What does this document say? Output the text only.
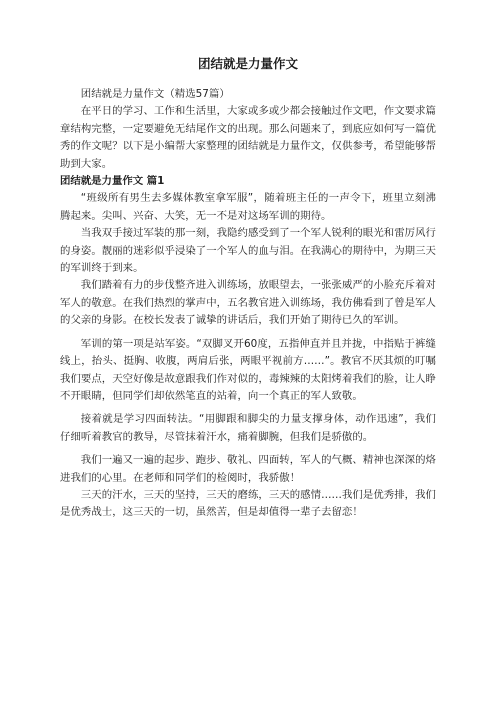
团结就是力量作文

团结就是力量作文（精选57篇）

在平日的学习、工作和生活里，大家或多或少都会接触过作文吧，作文要求篇章结构完整，一定要避免无结尾作文的出现。那么问题来了，到底应如何写一篇优秀的作文呢？以下是小编帮大家整理的团结就是力量作文，仅供参考，希望能够帮助到大家。

团结就是力量作文 篇1

“班级所有男生去多媒体教室拿军服”，随着班主任的一声令下，班里立刻沸腾起来。尖叫、兴奋、大笑，无一不是对这场军训的期待。

当我双手接过军装的那一刻，我隐约感受到了一个军人锐利的眼光和雷厉风行的身姿。靓丽的迷彩似乎浸染了一个军人的血与泪。在我满心的期待中，为期三天的军训终于到来。

我们踏着有力的步伐整齐进入训练场，放眼望去，一张张威严的小脸充斥着对军人的敬意。在我们热烈的掌声中，五名教官进入训练场，我仿佛看到了曾是军人的父亲的身影。在校长发表了诚挚的讲话后，我们开始了期待已久的军训。

军训的第一项是站军姿。“双脚叉开60度，五指伸直并且并拢，中指贴于裤缝线上，抬头、挺胸、收腹，两肩后张，两眼平视前方……”。教官不厌其烦的叮嘱我们要点，天空好像是故意跟我们作对似的，毒辣辣的太阳烤着我们的脸，让人睁不开眼睛，但同学们却依然笔直的站着，向一个真正的军人致敬。

接着就是学习四面转法。“用脚跟和脚尖的力量支撑身体，动作迅速”，我们仔细听着教官的教导，尽管抹着汗水，痛着脚腕，但我们是骄傲的。

我们一遍又一遍的起步、跑步、敬礼、四面转，军人的气概、精神也深深的烙进我们的心里。在老师和同学们的检阅时，我骄傲！

三天的汗水，三天的坚持，三天的磨练，三天的感情……我们是优秀排，我们是优秀战士，这三天的一切，虽然苦，但是却值得一辈子去留恋！
